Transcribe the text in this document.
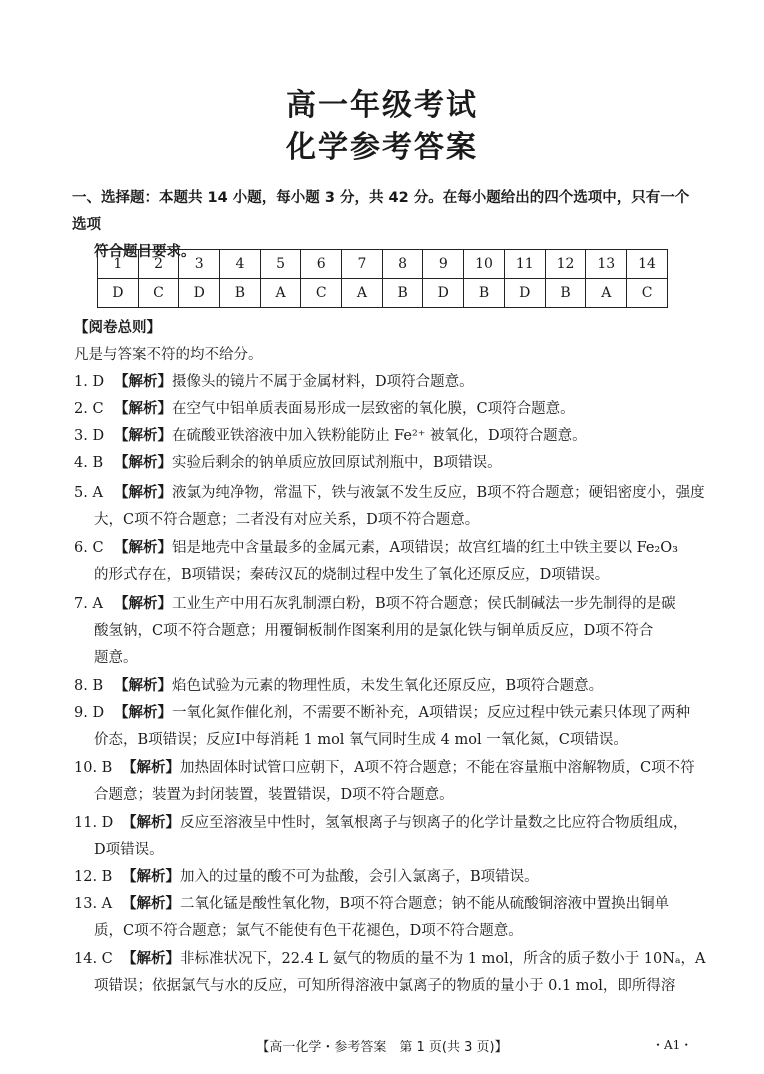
高一年级考试
化学参考答案
一、选择题：本题共 14 小题，每小题 3 分，共 42 分。在每小题给出的四个选项中，只有一个选项
符合题目要求。
1	2	3	4	5	6	7	8	9	10	11	12	13	14
D	C	D	B	A	C	A	B	D	B	D	B	A	C
【阅卷总则】
凡是与答案不符的均不给分。
1. D 【解析】摄像头的镜片不属于金属材料，D项符合题意。
2. C 【解析】在空气中铝单质表面易形成一层致密的氧化膜，C项符合题意。
3. D 【解析】在硫酸亚铁溶液中加入铁粉能防止 Fe²⁺ 被氧化，D项符合题意。
4. B 【解析】实验后剩余的钠单质应放回原试剂瓶中，B项错误。
5. A 【解析】液氯为纯净物，常温下，铁与液氯不发生反应，B项不符合题意；硬铝密度小，强度
大，C项不符合题意；二者没有对应关系，D项不符合题意。
6. C 【解析】铝是地壳中含量最多的金属元素，A项错误；故宫红墙的红土中铁主要以 Fe₂O₃
的形式存在，B项错误；秦砖汉瓦的烧制过程中发生了氧化还原反应，D项错误。
7. A 【解析】工业生产中用石灰乳制漂白粉，B项不符合题意；侯氏制碱法一步先制得的是碳
酸氢钠，C项不符合题意；用覆铜板制作图案利用的是氯化铁与铜单质反应，D项不符合
题意。
8. B 【解析】焰色试验为元素的物理性质，未发生氧化还原反应，B项符合题意。
9. D 【解析】一氧化氮作催化剂，不需要不断补充，A项错误；反应过程中铁元素只体现了两种
价态，B项错误；反应Ⅰ中每消耗 1 mol 氧气同时生成 4 mol 一氧化氮，C项错误。
10. B 【解析】加热固体时试管口应朝下，A项不符合题意；不能在容量瓶中溶解物质，C项不符
合题意；装置为封闭装置，装置错误，D项不符合题意。
11. D 【解析】反应至溶液呈中性时，氢氧根离子与钡离子的化学计量数之比应符合物质组成，
D项错误。
12. B 【解析】加入的过量的酸不可为盐酸，会引入氯离子，B项错误。
13. A 【解析】二氧化锰是酸性氧化物，B项不符合题意；钠不能从硫酸铜溶液中置换出铜单
质，C项不符合题意；氯气不能使有色干花褪色，D项不符合题意。
14. C 【解析】非标准状况下，22.4 L 氨气的物质的量不为 1 mol，所含的质子数小于 10Nₐ，A
项错误；依据氯气与水的反应，可知所得溶液中氯离子的物质的量小于 0.1 mol，即所得溶
【高一化学・参考答案　第 1 页(共 3 页)】	・A1・
